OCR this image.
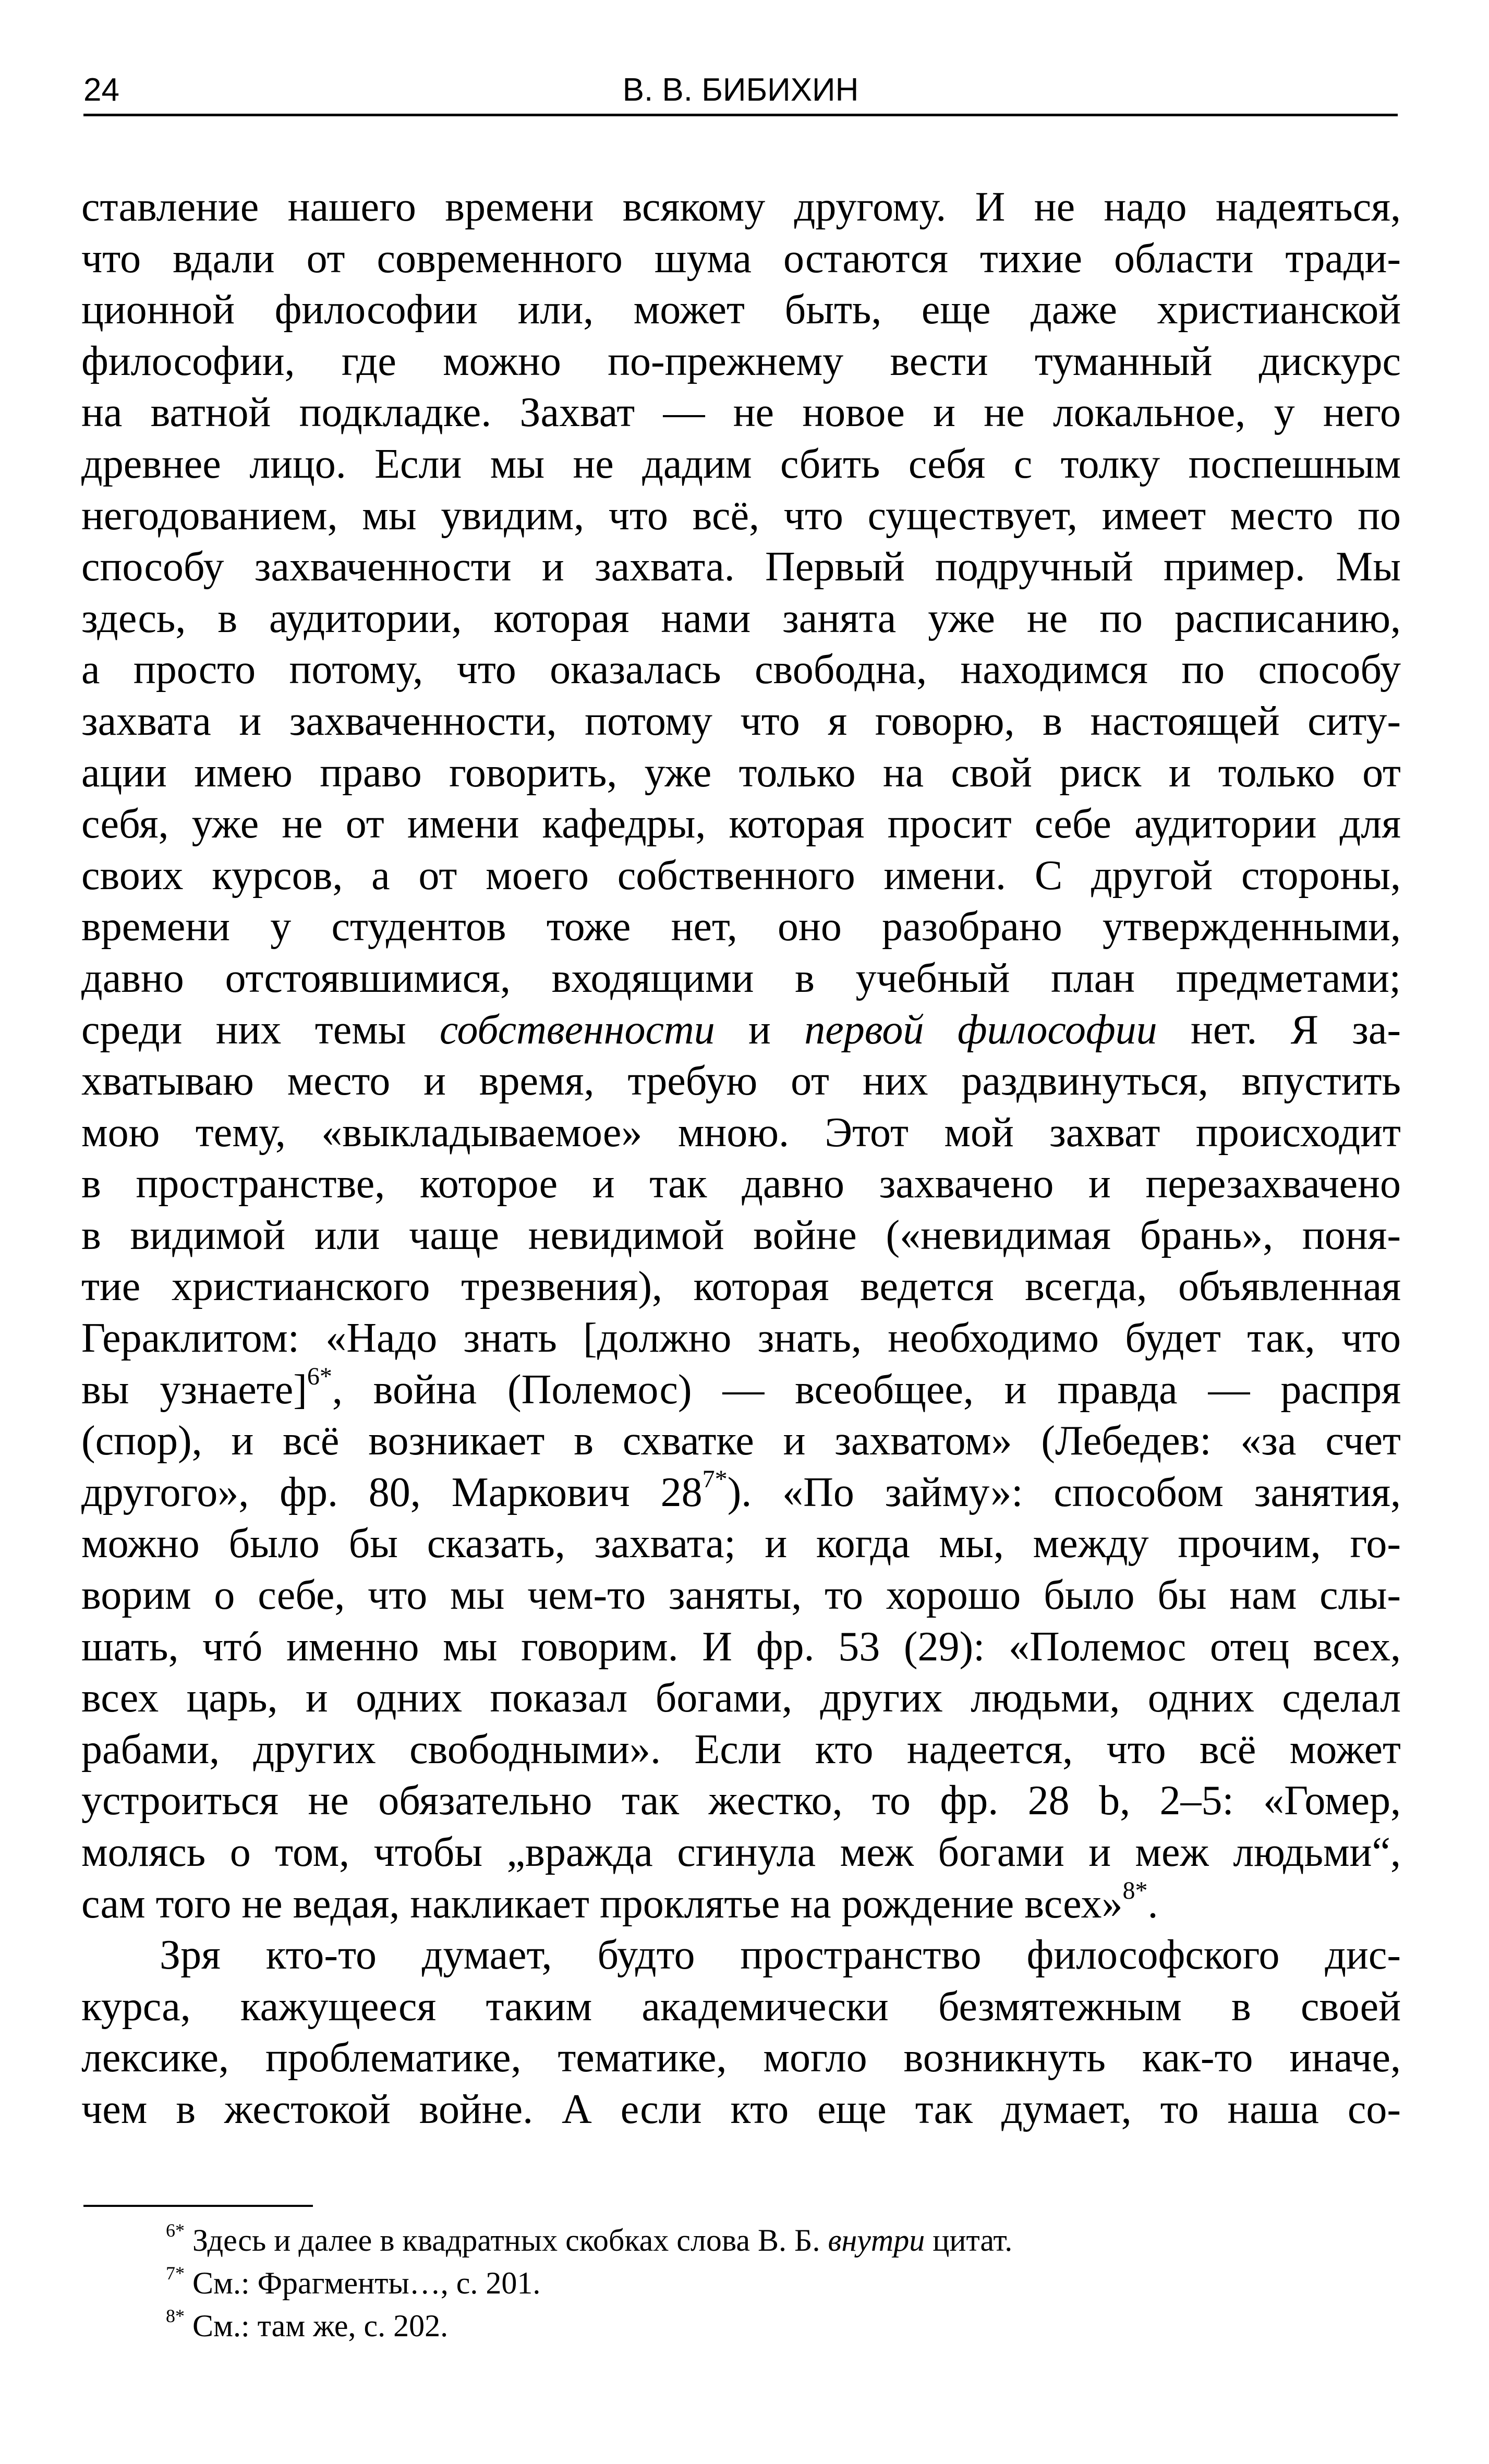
24	В. В. БИБИХИН
ставление нашего времени всякому другому. И не надо надеяться,
что вдали от современного шума остаются тихие области тради-
ционной философии или, может быть, еще даже христианской
философии, где можно по-прежнему вести туманный дискурс
на ватной подкладке. Захват — не новое и не локальное, у него
древнее лицо. Если мы не дадим сбить себя с толку поспешным
негодованием, мы увидим, что всё, что существует, имеет место по
способу захваченности и захвата. Первый подручный пример. Мы
здесь, в аудитории, которая нами занята уже не по расписанию,
а просто потому, что оказалась свободна, находимся по способу
захвата и захваченности, потому что я говорю, в настоящей ситу-
ации имею право говорить, уже только на свой риск и только от
себя, уже не от имени кафедры, которая просит себе аудитории для
своих курсов, а от моего собственного имени. С другой стороны,
времени у студентов тоже нет, оно разобрано утвержденными,
давно отстоявшимися, входящими в учебный план предметами;
среди них темы собственности и первой философии нет. Я за-
хватываю место и время, требую от них раздвинуться, впустить
мою тему, «выкладываемое» мною. Этот мой захват происходит
в пространстве, которое и так давно захвачено и перезахвачено
в видимой или чаще невидимой войне («невидимая брань», поня-
тие христианского трезвения), которая ведется всегда, объявленная
Гераклитом: «Надо знать [должно знать, необходимо будет так, что
вы узнаете]$^{6*}$, война (Полемос) — всеобщее, и правда — распря
(спор), и всё возникает в схватке и захватом» (Лебедев: «за счет
другого», фр. 80, Маркович $28^{7*}$). «По займу»: способом занятия,
можно было бы сказать, захвата; и когда мы, между прочим, го-
ворим о себе, что мы чем-то заняты, то хорошо было бы нам слы-
шать, чтó именно мы говорим. И фр. 53 (29): «Полемос отец всех,
всех царь, и одних показал богами, других людьми, одних сделал
рабами, других свободными». Если кто надеется, что всё может
устроиться не обязательно так жестко, то фр. 28 b, 2–5: «Гомер,
молясь о том, чтобы „вражда сгинула меж богами и меж людьми“,
сам того не ведая, накликает проклятье на рождение всех»$^{8*}$.
Зря кто-то думает, будто пространство философского дис-
курса, кажущееся таким академически безмятежным в своей
лексике, проблематике, тематике, могло возникнуть как-то иначе,
чем в жестокой войне. А если кто еще так думает, то наша со-
$^{6*}$ Здесь и далее в квадратных скобках слова В. Б. внутри цитат.
$^{7*}$ См.: Фрагменты…, с. 201.
$^{8*}$ См.: там же, с. 202.
